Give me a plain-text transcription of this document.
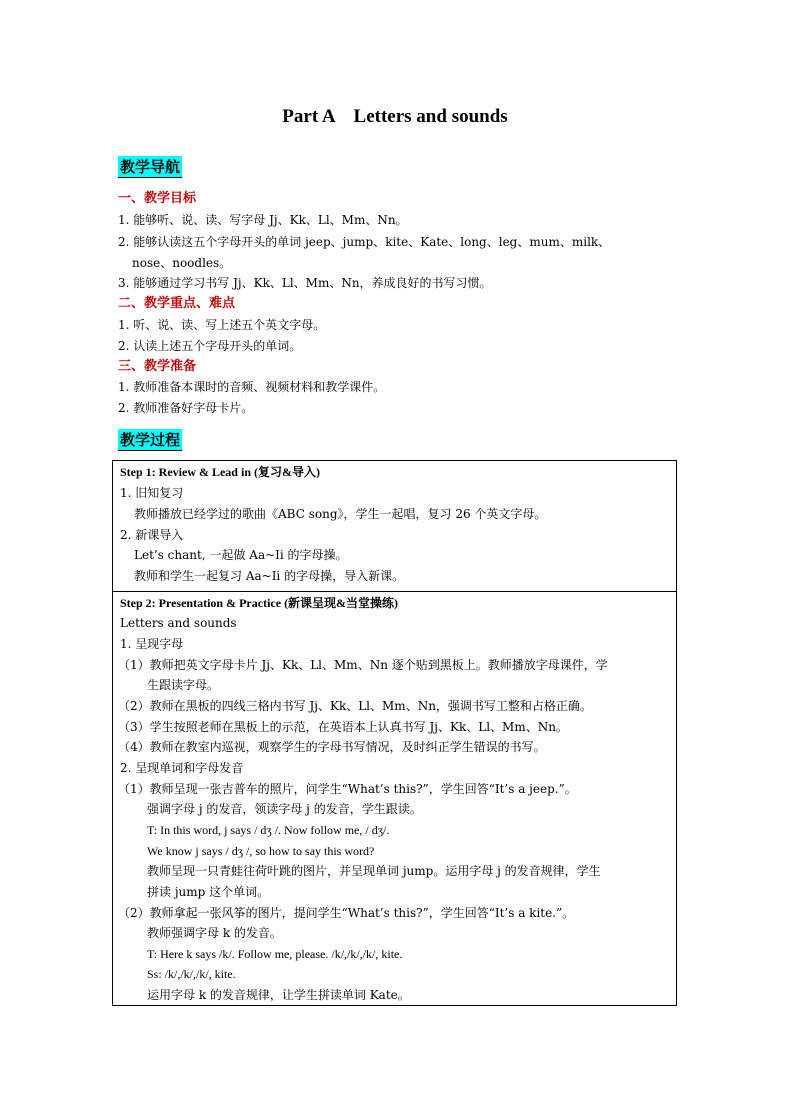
Part A    Letters and sounds
教学导航
一、教学目标
1. 能够听、说、读、写字母 Jj、Kk、Ll、Mm、Nn。
2. 能够认读这五个字母开头的单词 jeep、jump、kite、Kate、long、leg、mum、milk、
nose、noodles。
3. 能够通过学习书写 Jj、Kk、Ll、Mm、Nn，养成良好的书写习惯。
二、教学重点、难点
1. 听、说、读、写上述五个英文字母。
2. 认读上述五个字母开头的单词。
三、教学准备
1. 教师准备本课时的音频、视频材料和教学课件。
2. 教师准备好字母卡片。
教学过程
Step 1: Review & Lead in (复习&导入)
1. 旧知复习
教师播放已经学过的歌曲《ABC song》，学生一起唱，复习 26 个英文字母。
2. 新课导入
Let’s chant, 一起做 Aa~Ii 的字母操。
教师和学生一起复习 Aa~Ii 的字母操，导入新课。
Step 2: Presentation & Practice (新课呈现&当堂操练)
Letters and sounds
1. 呈现字母
（1）教师把英文字母卡片 Jj、Kk、Ll、Mm、Nn 逐个贴到黑板上。教师播放字母课件，学
生跟读字母。
（2）教师在黑板的四线三格内书写 Jj、Kk、Ll、Mm、Nn，强调书写工整和占格正确。
（3）学生按照老师在黑板上的示范，在英语本上认真书写 Jj、Kk、Ll、Mm、Nn。
（4）教师在教室内巡视，观察学生的字母书写情况，及时纠正学生错误的书写。
2. 呈现单词和字母发音
（1）教师呈现一张吉普车的照片，问学生“What’s this?”，学生回答“It’s a jeep.”。
强调字母 j 的发音，领读字母 j 的发音，学生跟读。
T: In this word, j says / dʒ /. Now follow me, / dʒ/.
We know j says / dʒ /, so how to say this word?
教师呈现一只青蛙往荷叶跳的图片，并呈现单词 jump。运用字母 j 的发音规律，学生
拼读 jump 这个单词。
（2）教师拿起一张风筝的图片，提问学生“What’s this?”，学生回答“It’s a kite.”。
教师强调字母 k 的发音。
T: Here k says /k/. Follow me, please. /k/,/k/,/k/, kite.
Ss: /k/,/k/,/k/, kite.
运用字母 k 的发音规律，让学生拼读单词 Kate。
